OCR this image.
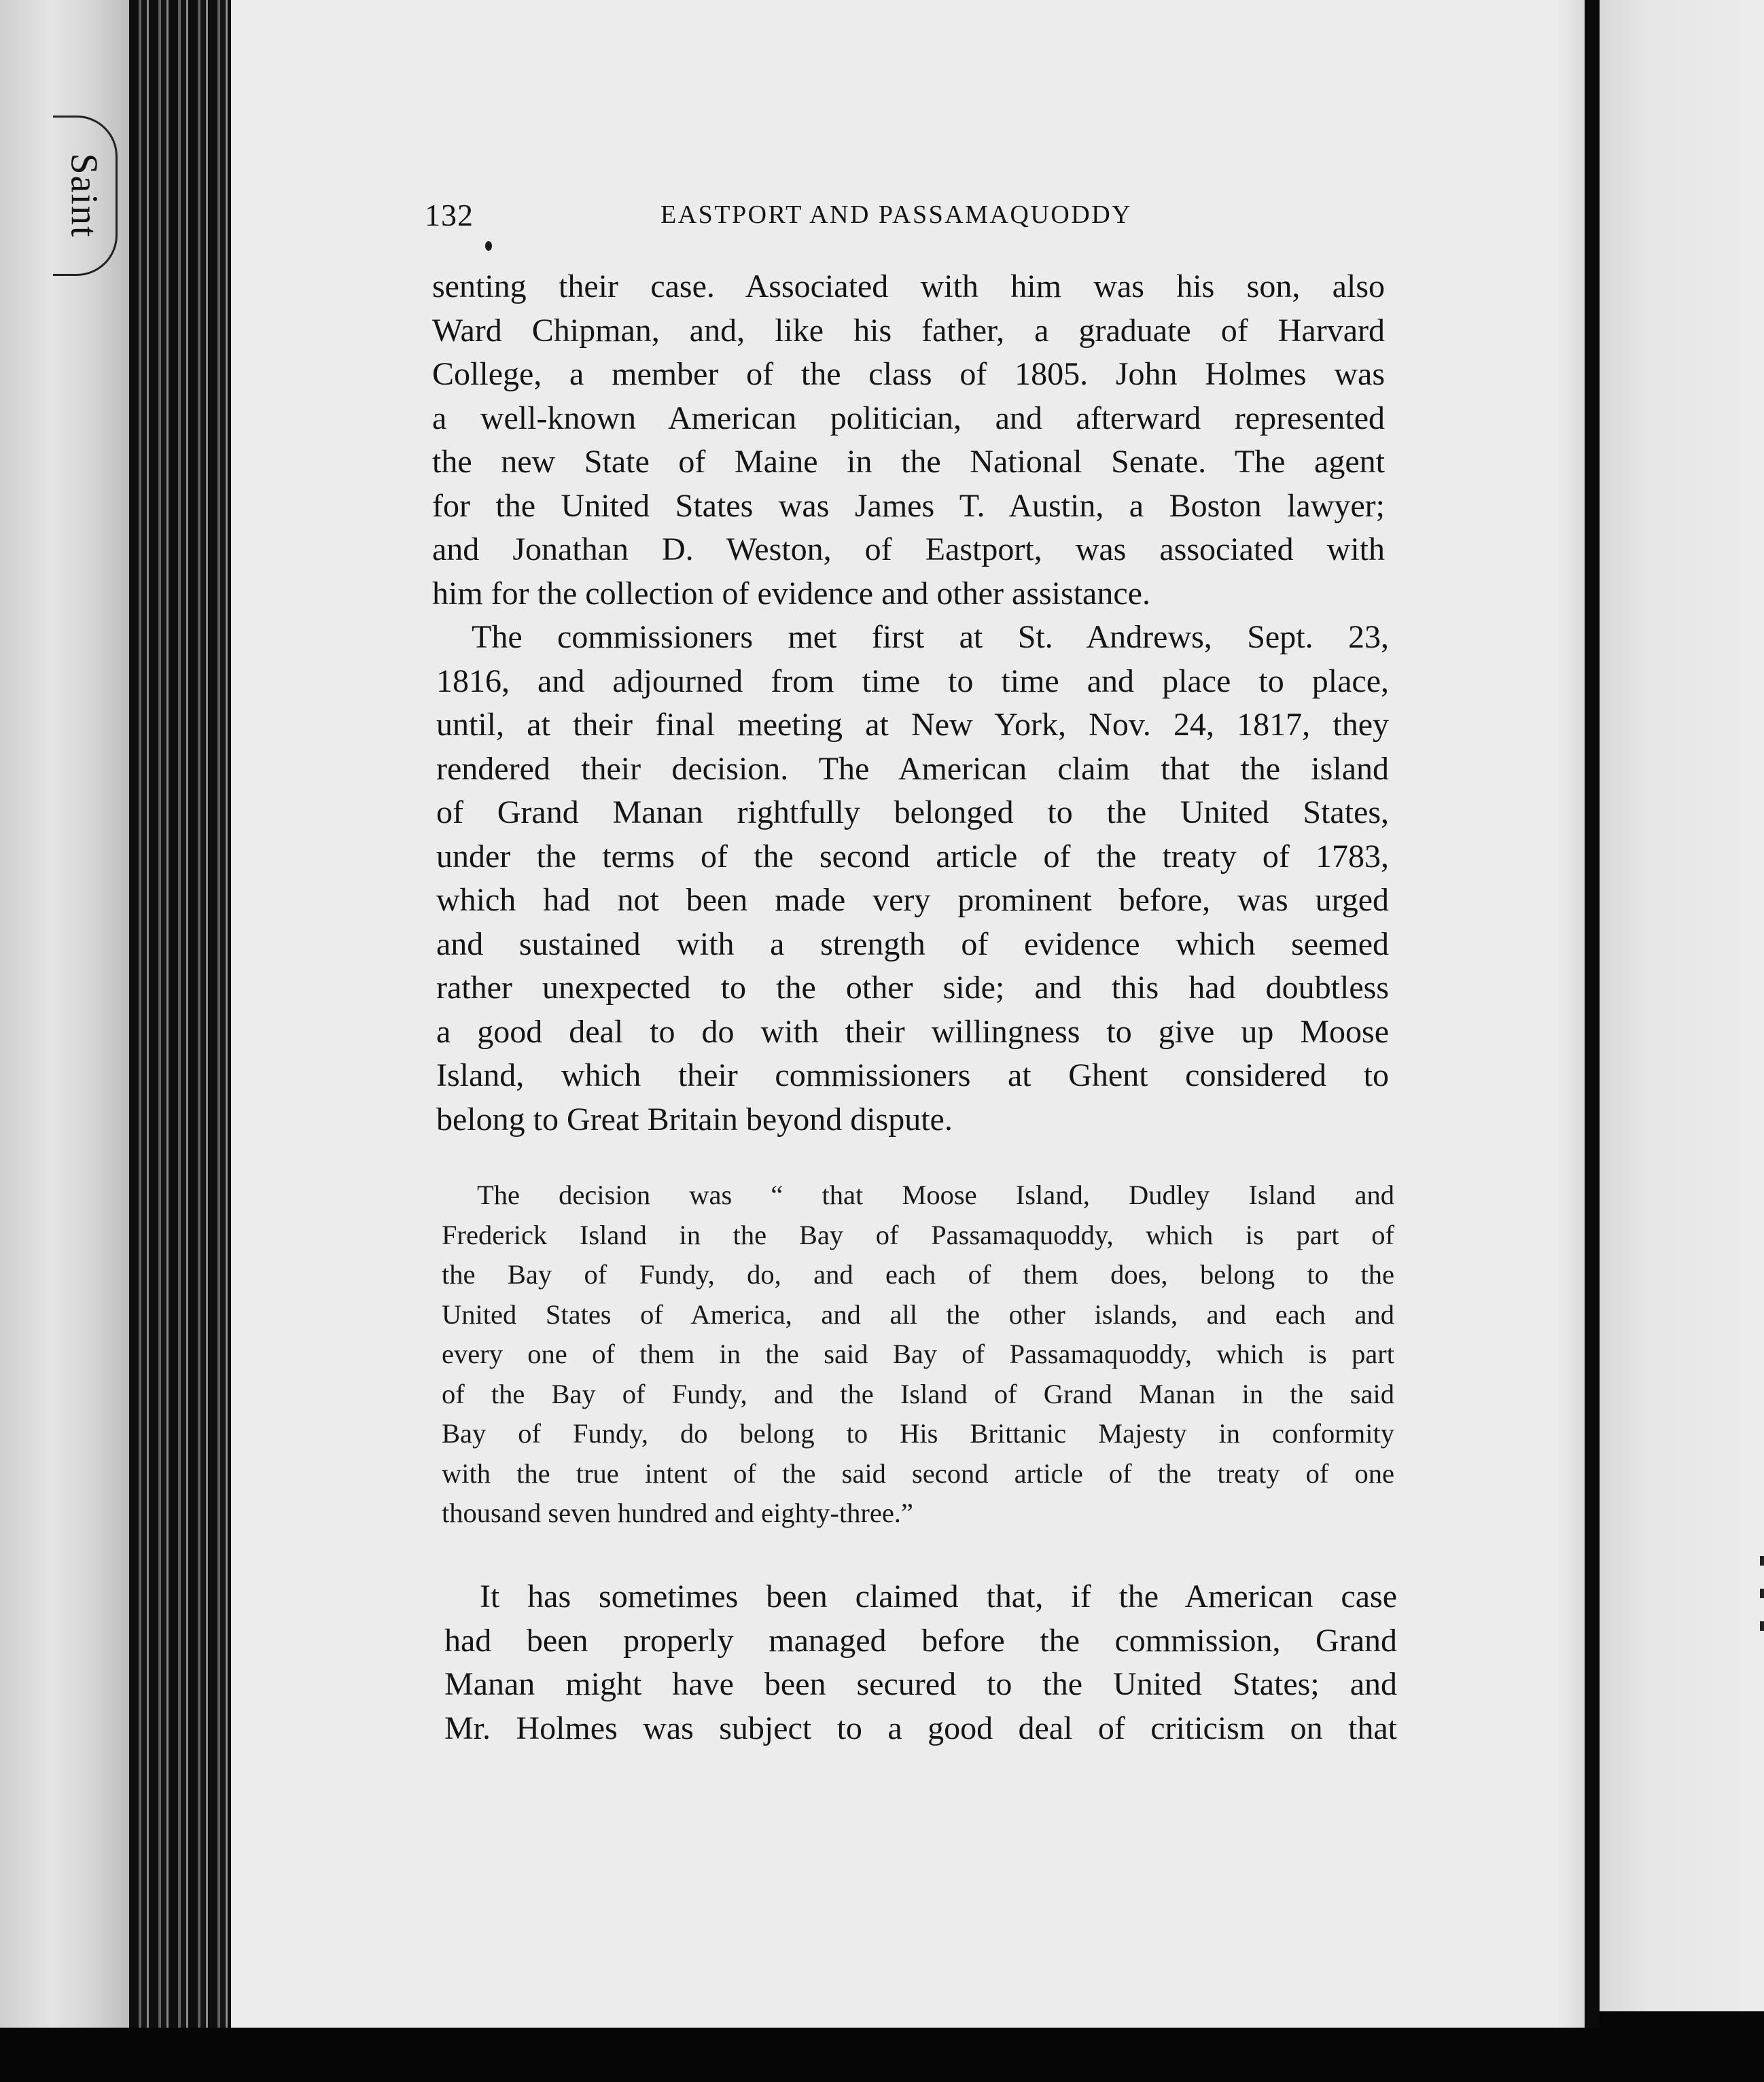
Saint	132	EASTPORT AND PASSAMAQUODDY
senting their case. Associated with him was his son, also
Ward Chipman, and, like his father, a graduate of Harvard
College, a member of the class of 1805. John Holmes was
a well-known American politician, and afterward represented
the new State of Maine in the National Senate. The agent
for the United States was James T. Austin, a Boston lawyer;
and Jonathan D. Weston, of Eastport, was associated with
him for the collection of evidence and other assistance.
The commissioners met first at St. Andrews, Sept. 23,
1816, and adjourned from time to time and place to place,
until, at their final meeting at New York, Nov. 24, 1817, they
rendered their decision. The American claim that the island
of Grand Manan rightfully belonged to the United States,
under the terms of the second article of the treaty of 1783,
which had not been made very prominent before, was urged
and sustained with a strength of evidence which seemed
rather unexpected to the other side; and this had doubtless
a good deal to do with their willingness to give up Moose
Island, which their commissioners at Ghent considered to
belong to Great Britain beyond dispute.
The decision was “ that Moose Island, Dudley Island and
Frederick Island in the Bay of Passamaquoddy, which is part of
the Bay of Fundy, do, and each of them does, belong to the
United States of America, and all the other islands, and each and
every one of them in the said Bay of Passamaquoddy, which is part
of the Bay of Fundy, and the Island of Grand Manan in the said
Bay of Fundy, do belong to His Brittanic Majesty in conformity
with the true intent of the said second article of the treaty of one
thousand seven hundred and eighty-three.”
It has sometimes been claimed that, if the American case
had been properly managed before the commission, Grand
Manan might have been secured to the United States; and
Mr. Holmes was subject to a good deal of criticism on that
